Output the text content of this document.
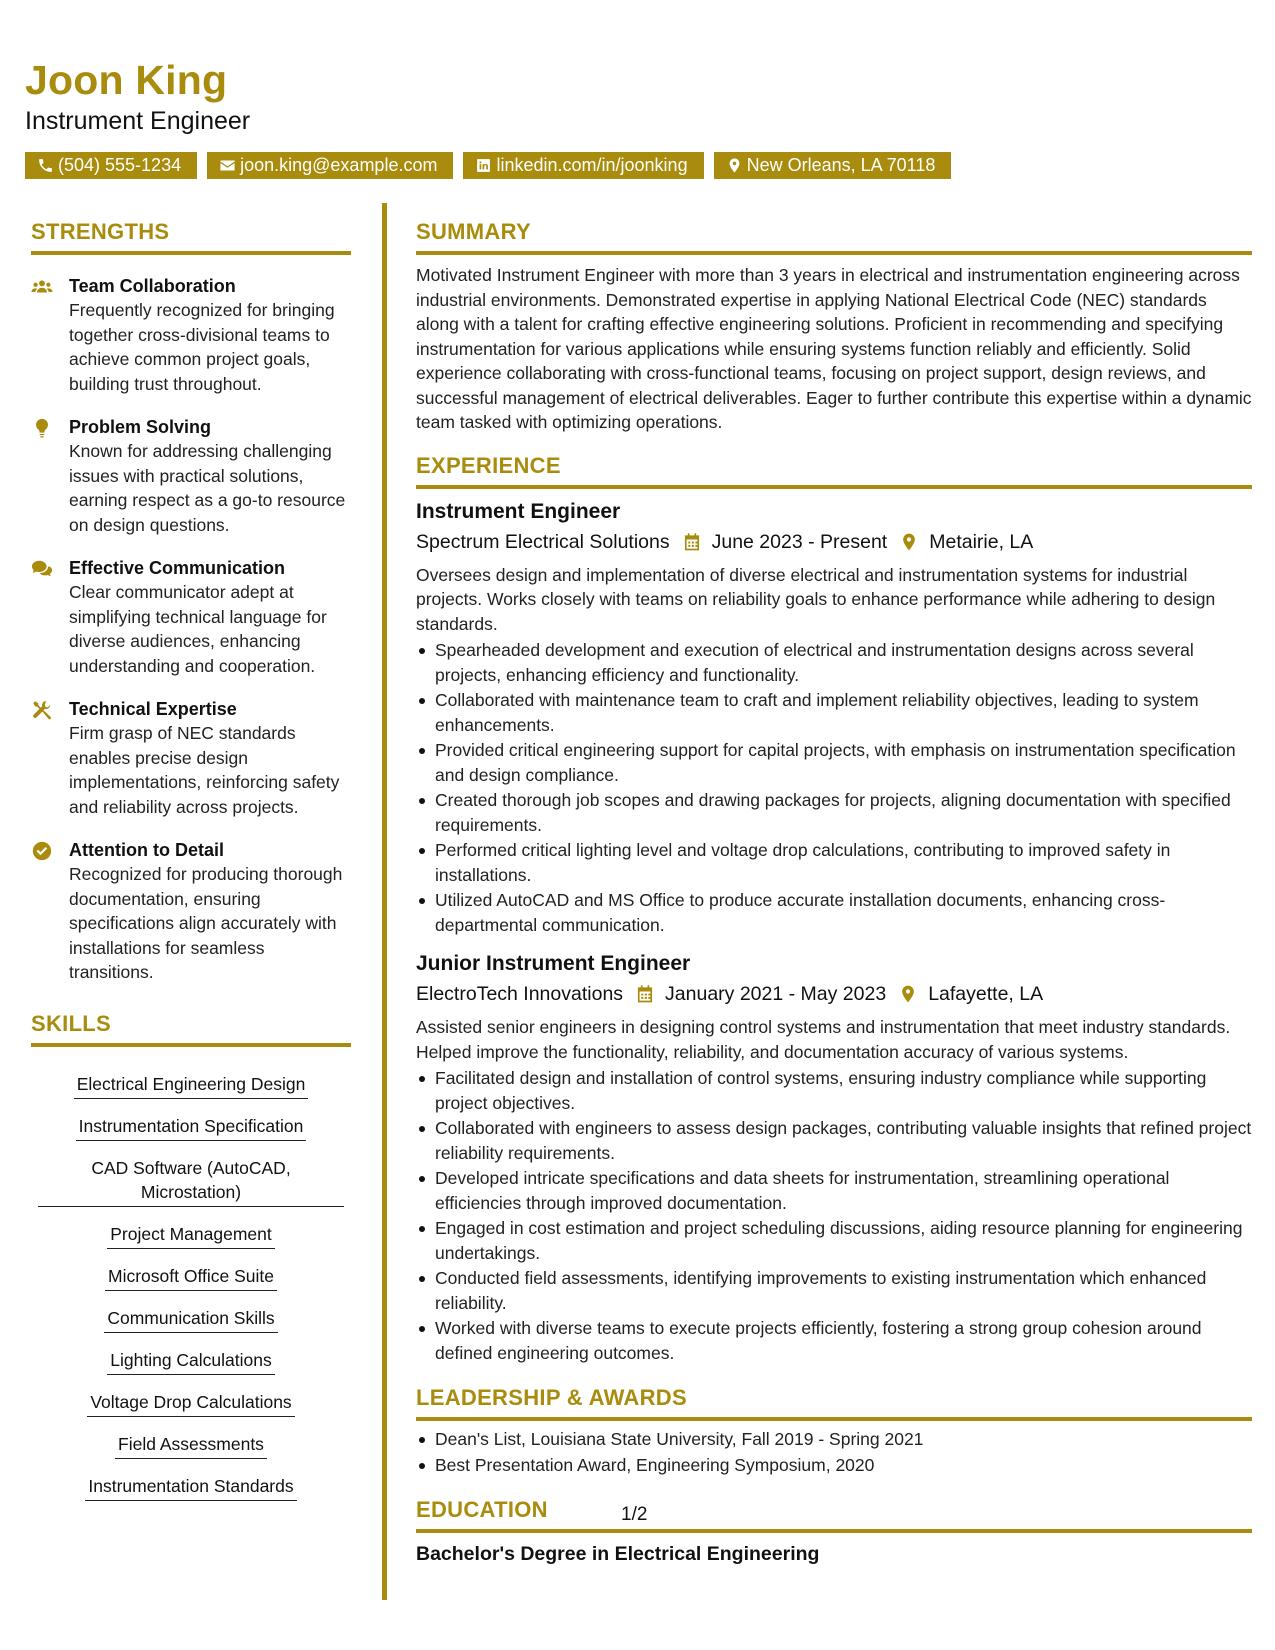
Joon King
Instrument Engineer
(504) 555-1234	joon.king@example.com	linkedin.com/in/joonking	New Orleans, LA 70118
STRENGTHS
Team Collaboration
Frequently recognized for bringing together cross-divisional teams to achieve common project goals, building trust throughout.
Problem Solving
Known for addressing challenging issues with practical solutions, earning respect as a go-to resource on design questions.
Effective Communication
Clear communicator adept at simplifying technical language for diverse audiences, enhancing understanding and cooperation.
Technical Expertise
Firm grasp of NEC standards enables precise design implementations, reinforcing safety and reliability across projects.
Attention to Detail
Recognized for producing thorough documentation, ensuring specifications align accurately with installations for seamless transitions.
SKILLS
Electrical Engineering Design
Instrumentation Specification
CAD Software (AutoCAD, Microstation)
Project Management
Microsoft Office Suite
Communication Skills
Lighting Calculations
Voltage Drop Calculations
Field Assessments
Instrumentation Standards
SUMMARY
Motivated Instrument Engineer with more than 3 years in electrical and instrumentation engineering across industrial environments. Demonstrated expertise in applying National Electrical Code (NEC) standards along with a talent for crafting effective engineering solutions. Proficient in recommending and specifying instrumentation for various applications while ensuring systems function reliably and efficiently. Solid experience collaborating with cross-functional teams, focusing on project support, design reviews, and successful management of electrical deliverables. Eager to further contribute this expertise within a dynamic team tasked with optimizing operations.
EXPERIENCE
Instrument Engineer
Spectrum Electrical Solutions June 2023 - Present Metairie, LA
Oversees design and implementation of diverse electrical and instrumentation systems for industrial projects. Works closely with teams on reliability goals to enhance performance while adhering to design standards.
Spearheaded development and execution of electrical and instrumentation designs across several projects, enhancing efficiency and functionality.
Collaborated with maintenance team to craft and implement reliability objectives, leading to system enhancements.
Provided critical engineering support for capital projects, with emphasis on instrumentation specification and design compliance.
Created thorough job scopes and drawing packages for projects, aligning documentation with specified requirements.
Performed critical lighting level and voltage drop calculations, contributing to improved safety in installations.
Utilized AutoCAD and MS Office to produce accurate installation documents, enhancing cross-departmental communication.
Junior Instrument Engineer
ElectroTech Innovations January 2021 - May 2023 Lafayette, LA
Assisted senior engineers in designing control systems and instrumentation that meet industry standards. Helped improve the functionality, reliability, and documentation accuracy of various systems.
Facilitated design and installation of control systems, ensuring industry compliance while supporting project objectives.
Collaborated with engineers to assess design packages, contributing valuable insights that refined project reliability requirements.
Developed intricate specifications and data sheets for instrumentation, streamlining operational efficiencies through improved documentation.
Engaged in cost estimation and project scheduling discussions, aiding resource planning for engineering undertakings.
Conducted field assessments, identifying improvements to existing instrumentation which enhanced reliability.
Worked with diverse teams to execute projects efficiently, fostering a strong group cohesion around defined engineering outcomes.
LEADERSHIP & AWARDS
Dean's List, Louisiana State University, Fall 2019 - Spring 2021
Best Presentation Award, Engineering Symposium, 2020
EDUCATION
Bachelor's Degree in Electrical Engineering
1/2
